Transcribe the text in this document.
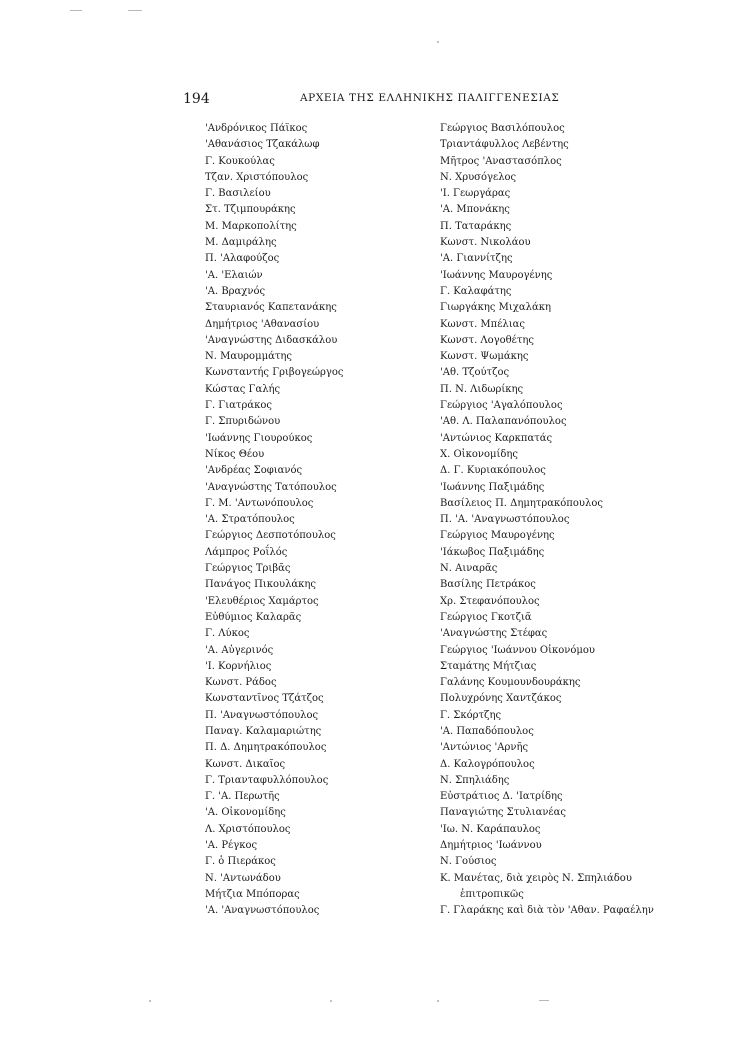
194	ΑΡΧΕΙΑ ΤΗΣ ΕΛΛΗΝΙΚΗΣ ΠΑΛΙΓΓΕΝΕΣΙΑΣ
'Ανδρόνικος Πάϊκος
'Αθανάσιος Τζακάλωφ
Γ. Κουκούλας
Τζαν. Χριστόπουλος
Γ. Βασιλείου
Στ. Τζιμπουράκης
Μ. Μαρκοπολίτης
Μ. Δαμιράλης
Π. 'Αλαφούζος
'Α. 'Ελαιών
'Α. Βραχνός
Σταυριανός Καπετανάκης
Δημήτριος 'Αθανασίου
'Αναγνώστης Διδασκάλου
Ν. Μαυρομμάτης
Κωνσταντής Γριβογεώργος
Κώστας Γαλής
Γ. Γιατράκος
Γ. Σπυριδώνου
'Ιωάννης Γιουρούκος
Νίκος Θέου
'Ανδρέας Σοφιανός
'Αναγνώστης Τατόπουλος
Γ. Μ. 'Αντωνόπουλος
'Α. Στρατόπουλος
Γεώργιος Δεσποτόπουλος
Λάμπρος Ροΐλός
Γεώργιος Τριβᾶς
Πανάγος Πικουλάκης
'Ελευθέριος Χαμάρτος
Εὐθύμιος Καλαρᾶς
Γ. Λύκος
'Α. Αὐγερινός
'Ι. Κορνήλιος
Κωνστ. Ράδος
Κωνσταντῖνος Τζάτζος
Π. 'Αναγνωστόπουλος
Παναγ. Καλαμαριώτης
Π. Δ. Δημητρακόπουλος
Κωνστ. Δικαῖος
Γ. Τριανταφυλλόπουλος
Γ. 'Α. Περωτῆς
'Α. Οἰκονομίδης
Λ. Χριστόπουλος
'Α. Ρέγκος
Γ. ὁ Πιεράκος
Ν. 'Αντωνάδου
Μήτζια Μπόπορας
'Α. 'Αναγνωστόπουλος
Γεώργιος Βασιλόπουλος
Τριαντάφυλλος Λεβέντης
Μῆτρος 'Αναστασόπλος
Ν. Χρυσόγελος
'Ι. Γεωργάρας
'Α. Μπονάκης
Π. Ταταράκης
Κωνστ. Νικολάου
'Α. Γιαννίτζης
'Ιωάννης Μαυρογένης
Γ. Καλαφάτης
Γιωργάκης Μιχαλάκη
Κωνστ. Μπέλιας
Κωνστ. Λογοθέτης
Κωνστ. Ψωμάκης
'Αθ. Τζούτζος
Π. Ν. Λιδωρίκης
Γεώργιος 'Αγαλόπουλος
'Αθ. Λ. Παλαπανόπουλος
'Αντώνιος Καρκπατάς
Χ. Οἰκονομίδης
Δ. Γ. Κυριακόπουλος
'Ιωάννης Παξιμάδης
Βασίλειος Π. Δημητρακόπουλος
Π. 'Α. 'Αναγνωστόπουλος
Γεώργιος Μαυρογένης
'Ιάκωβος Παξιμάδης
Ν. Αιναρᾶς
Βασίλης Πετράκος
Χρ. Στεφανόπουλος
Γεώργιος Γκοτζιᾶ
'Αναγνώστης Στέφας
Γεώργιος 'Ιωάννου Οἰκονόμου
Σταμάτης Μήτζιας
Γαλάνης Κουμουνδουράκης
Πολυχρόνης Χαντζάκος
Γ. Σκόρτζης
'Α. Παπαδόπουλος
'Αντώνιος 'Αρνῆς
Δ. Καλογρόπουλος
Ν. Σπηλιάδης
Εὐστράτιος Δ. 'Ιατρίδης
Παναγιώτης Στυλιανέας
'Ιω. Ν. Καράπαυλος
Δημήτριος 'Ιωάννου
Ν. Γούσιος
Κ. Μανέτας, διὰ χειρὸς Ν. Σπηλιάδου
ἐπιτροπικῶς
Γ. Γλαράκης καὶ διὰ τὸν 'Αθαν. Ραφαέλην
